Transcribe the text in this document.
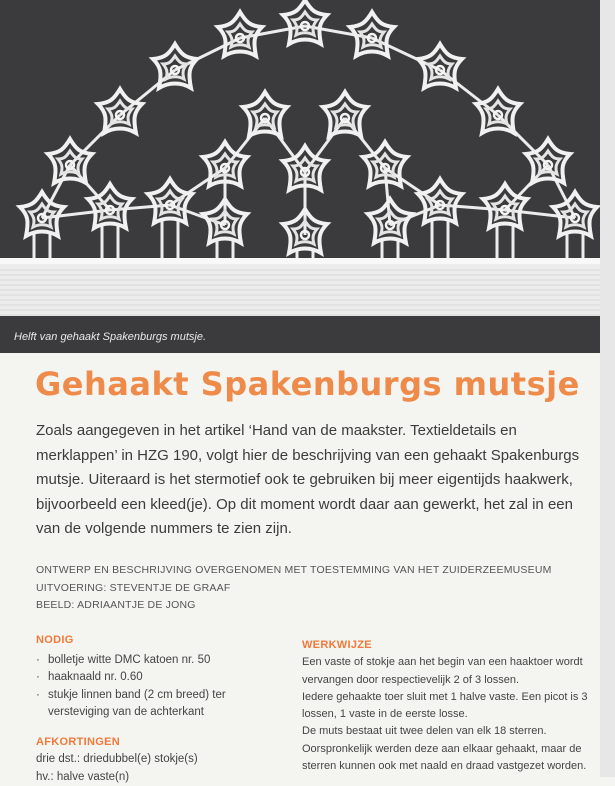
Helft van gehaakt Spakenburgs mutsje.
Gehaakt Spakenburgs mutsje
Zoals aangegeven in het artikel ‘Hand van de maakster. Textieldetails en merklappen’ in HZG 190, volgt hier de beschrijving van een gehaakt Spakenburgs mutsje. Uiteraard is het stermotief ook te gebruiken bij meer eigentijds haakwerk, bijvoorbeeld een kleed(je). Op dit moment wordt daar aan gewerkt, het zal in een van de volgende nummers te zien zijn.
ONTWERP EN BESCHRIJVING OVERGENOMEN MET TOESTEMMING VAN HET ZUIDERZEEMUSEUM
UITVOERING: STEVENTJE DE GRAAF
BEELD: ADRIAANTJE DE JONG
NODIG
· bolletje witte DMC katoen nr. 50
· haaknaald nr. 0.60
· stukje linnen band (2 cm breed) ter versteviging van de achterkant
AFKORTINGEN
drie dst.: driedubbel(e) stokje(s)
hv.: halve vaste(n)
WERKWIJZE
Een vaste of stokje aan het begin van een haaktoer wordt vervangen door respectievelijk 2 of 3 lossen.
Iedere gehaakte toer sluit met 1 halve vaste. Een picot is 3 lossen, 1 vaste in de eerste losse.
De muts bestaat uit twee delen van elk 18 sterren.
Oorspronkelijk werden deze aan elkaar gehaakt, maar de sterren kunnen ook met naald en draad vastgezet worden.
